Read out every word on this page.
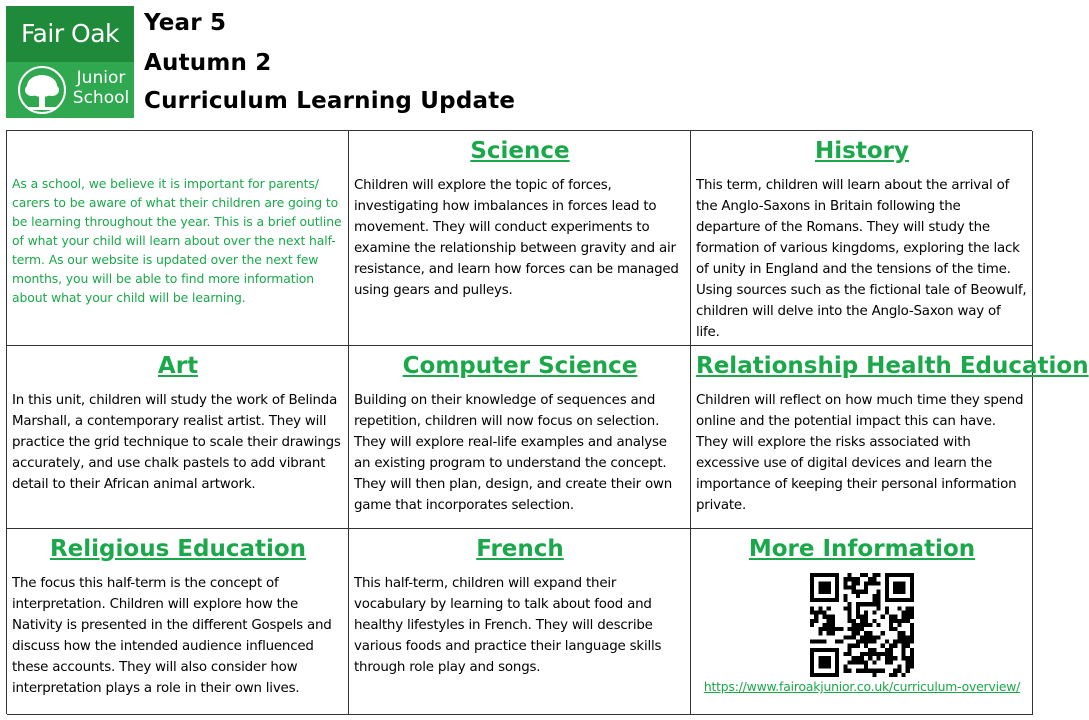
Fair Oak
Junior
School
Year 5
Autumn 2
Curriculum Learning Update

As a school, we believe it is important for parents/ carers to be aware of what their children are going to be learning throughout the year. This is a brief outline of what your child will learn about over the next half-term. As our website is updated over the next few months, you will be able to find more information about what your child will be learning.

Science

Children will explore the topic of forces, investigating how imbalances in forces lead to movement. They will conduct experiments to examine the relationship between gravity and air resistance, and learn how forces can be managed using gears and pulleys.

History

This term, children will learn about the arrival of the Anglo-Saxons in Britain following the departure of the Romans. They will study the formation of various kingdoms, exploring the lack of unity in England and the tensions of the time. Using sources such as the fictional tale of Beowulf, children will delve into the Anglo-Saxon way of life.

Art

In this unit, children will study the work of Belinda Marshall, a contemporary realist artist. They will practice the grid technique to scale their drawings accurately, and use chalk pastels to add vibrant detail to their African animal artwork.

Computer Science

Building on their knowledge of sequences and repetition, children will now focus on selection. They will explore real-life examples and analyse an existing program to understand the concept. They will then plan, design, and create their own game that incorporates selection.

Relationship Health Education

Children will reflect on how much time they spend online and the potential impact this can have. They will explore the risks associated with excessive use of digital devices and learn the importance of keeping their personal information private.

Religious Education

The focus this half-term is the concept of interpretation. Children will explore how the Nativity is presented in the different Gospels and discuss how the intended audience influenced these accounts. They will also consider how interpretation plays a role in their own lives.

French

This half-term, children will expand their vocabulary by learning to talk about food and healthy lifestyles in French. They will describe various foods and practice their language skills through role play and songs.

More Information
https://www.fairoakjunior.co.uk/curriculum-overview/
